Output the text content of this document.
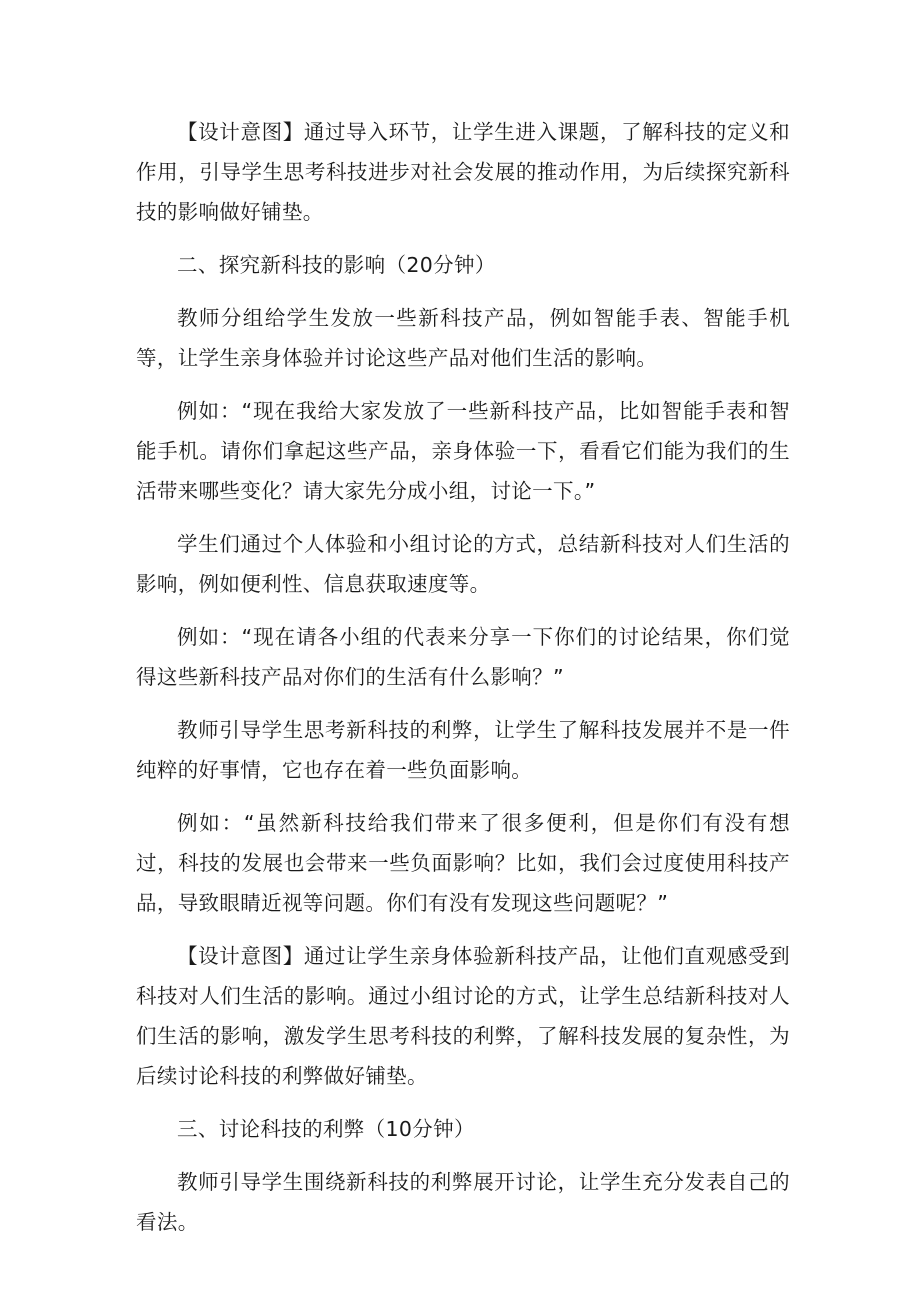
【设计意图】通过导入环节，让学生进入课题，了解科技的定义和作用，引导学生思考科技进步对社会发展的推动作用，为后续探究新科技的影响做好铺垫。

二、探究新科技的影响（20分钟）

教师分组给学生发放一些新科技产品，例如智能手表、智能手机等，让学生亲身体验并讨论这些产品对他们生活的影响。

例如：“现在我给大家发放了一些新科技产品，比如智能手表和智能手机。请你们拿起这些产品，亲身体验一下，看看它们能为我们的生活带来哪些变化？请大家先分成小组，讨论一下。”

学生们通过个人体验和小组讨论的方式，总结新科技对人们生活的影响，例如便利性、信息获取速度等。

例如：“现在请各小组的代表来分享一下你们的讨论结果，你们觉得这些新科技产品对你们的生活有什么影响？”

教师引导学生思考新科技的利弊，让学生了解科技发展并不是一件纯粹的好事情，它也存在着一些负面影响。

例如：“虽然新科技给我们带来了很多便利，但是你们有没有想过，科技的发展也会带来一些负面影响？比如，我们会过度使用科技产品，导致眼睛近视等问题。你们有没有发现这些问题呢？”

【设计意图】通过让学生亲身体验新科技产品，让他们直观感受到科技对人们生活的影响。通过小组讨论的方式，让学生总结新科技对人们生活的影响，激发学生思考科技的利弊，了解科技发展的复杂性，为后续讨论科技的利弊做好铺垫。

三、讨论科技的利弊（10分钟）

教师引导学生围绕新科技的利弊展开讨论，让学生充分发表自己的看法。
